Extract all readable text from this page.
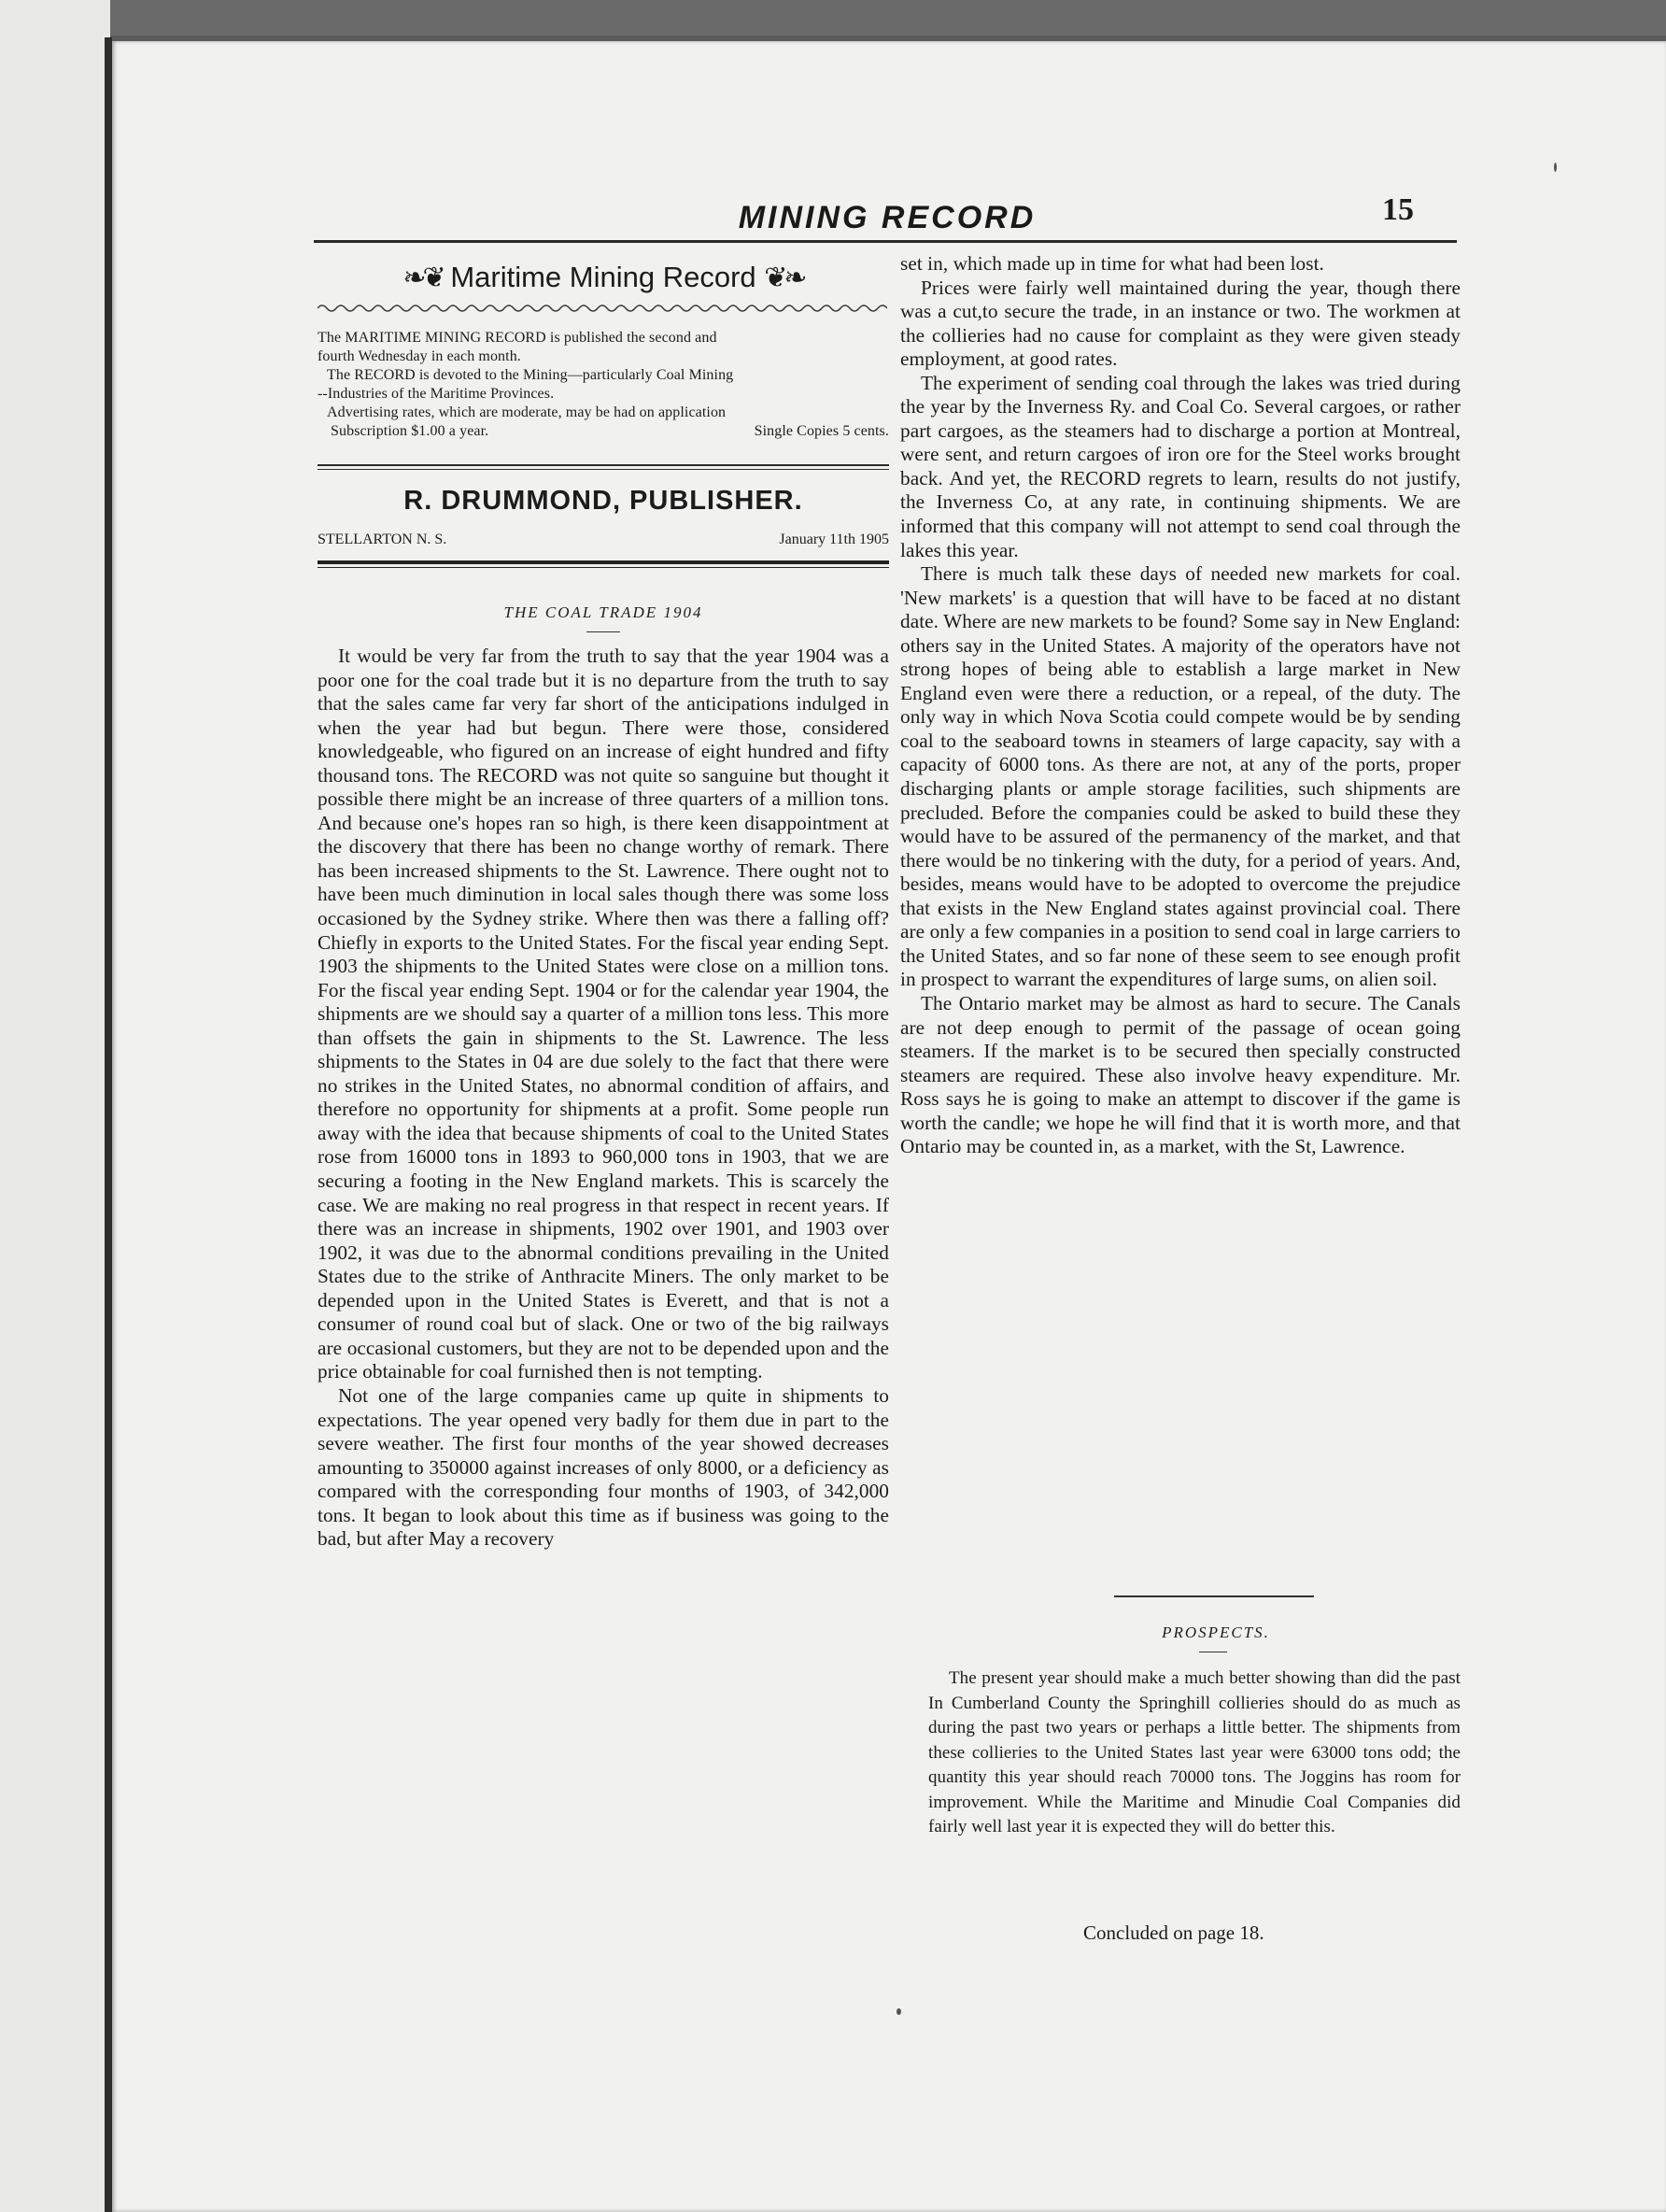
MINING RECORD	15
❧❦ Maritime Mining Record ❦❧

The MARITIME MINING RECORD is published the second and

fourth Wednesday in each month.

The RECORD is devoted to the Mining—particularly Coal Mining

--Industries of the Maritime Provinces.

Advertising rates, which are moderate, may be had on application

Subscription $1.00 a year.	Single Copies 5 cents.
R. DRUMMOND, PUBLISHER.
STELLARTON N. S.	January 11th 1905
THE COAL TRADE 1904

It would be very far from the truth to say that the year 1904 was a poor one for the coal trade but it is no departure from the truth to say that the sales came far very far short of the anticipations indulged in when the year had but begun. There were those, considered knowledgeable, who figured on an increase of eight hundred and fifty thousand tons. The RECORD was not quite so sanguine but thought it possible there might be an increase of three quarters of a million tons. And because one's hopes ran so high, is there keen disappointment at the discovery that there has been no change worthy of remark. There has been increased shipments to the St. Lawrence. There ought not to have been much diminution in local sales though there was some loss occasioned by the Sydney strike. Where then was there a falling off? Chiefly in exports to the United States. For the fiscal year ending Sept. 1903 the shipments to the United States were close on a million tons. For the fiscal year ending Sept. 1904 or for the calendar year 1904, the shipments are we should say a quarter of a million tons less. This more than offsets the gain in shipments to the St. Lawrence. The less shipments to the States in 04 are due solely to the fact that there were no strikes in the United States, no abnormal condition of affairs, and therefore no opportunity for shipments at a profit. Some people run away with the idea that because shipments of coal to the United States rose from 16000 tons in 1893 to 960,000 tons in 1903, that we are securing a footing in the New England markets. This is scarcely the case. We are making no real progress in that respect in recent years. If there was an increase in shipments, 1902 over 1901, and 1903 over 1902, it was due to the abnormal conditions prevailing in the United States due to the strike of Anthracite Miners. The only market to be depended upon in the United States is Everett, and that is not a consumer of round coal but of slack. One or two of the big railways are occasional customers, but they are not to be depended upon and the price obtainable for coal furnished then is not tempting.

Not one of the large companies came up quite in shipments to expectations. The year opened very badly for them due in part to the severe weather. The first four months of the year showed decreases amounting to 350000 against increases of only 8000, or a deficiency as compared with the corresponding four months of 1903, of 342,000 tons. It began to look about this time as if business was going to the bad, but after May a recovery

set in, which made up in time for what had been lost.

Prices were fairly well maintained during the year, though there was a cut,to secure the trade, in an instance or two. The workmen at the collieries had no cause for complaint as they were given steady employment, at good rates.

The experiment of sending coal through the lakes was tried during the year by the Inverness Ry. and Coal Co. Several cargoes, or rather part cargoes, as the steamers had to discharge a portion at Montreal, were sent, and return cargoes of iron ore for the Steel works brought back. And yet, the RECORD regrets to learn, results do not justify, the Inverness Co, at any rate, in continuing shipments. We are informed that this company will not attempt to send coal through the lakes this year.

There is much talk these days of needed new markets for coal. 'New markets' is a question that will have to be faced at no distant date. Where are new markets to be found? Some say in New England: others say in the United States. A majority of the operators have not strong hopes of being able to establish a large market in New England even were there a reduction, or a repeal, of the duty. The only way in which Nova Scotia could compete would be by sending coal to the seaboard towns in steamers of large capacity, say with a capacity of 6000 tons. As there are not, at any of the ports, proper discharging plants or ample storage facilities, such shipments are precluded. Before the companies could be asked to build these they would have to be assured of the permanency of the market, and that there would be no tinkering with the duty, for a period of years. And, besides, means would have to be adopted to overcome the prejudice that exists in the New England states against provincial coal. There are only a few companies in a position to send coal in large carriers to the United States, and so far none of these seem to see enough profit in prospect to warrant the expenditures of large sums, on alien soil.

The Ontario market may be almost as hard to secure. The Canals are not deep enough to permit of the passage of ocean going steamers. If the market is to be secured then specially constructed steamers are required. These also involve heavy expenditure. Mr. Ross says he is going to make an attempt to discover if the game is worth the candle; we hope he will find that it is worth more, and that Ontario may be counted in, as a market, with the St, Lawrence.

PROSPECTS.

The present year should make a much better showing than did the past In Cumberland County the Springhill collieries should do as much as during the past two years or perhaps a little better. The shipments from these collieries to the United States last year were 63000 tons odd; the quantity this year should reach 70000 tons. The Joggins has room for improvement. While the Maritime and Minudie Coal Companies did fairly well last year it is expected they will do better this.

Concluded on page 18.
